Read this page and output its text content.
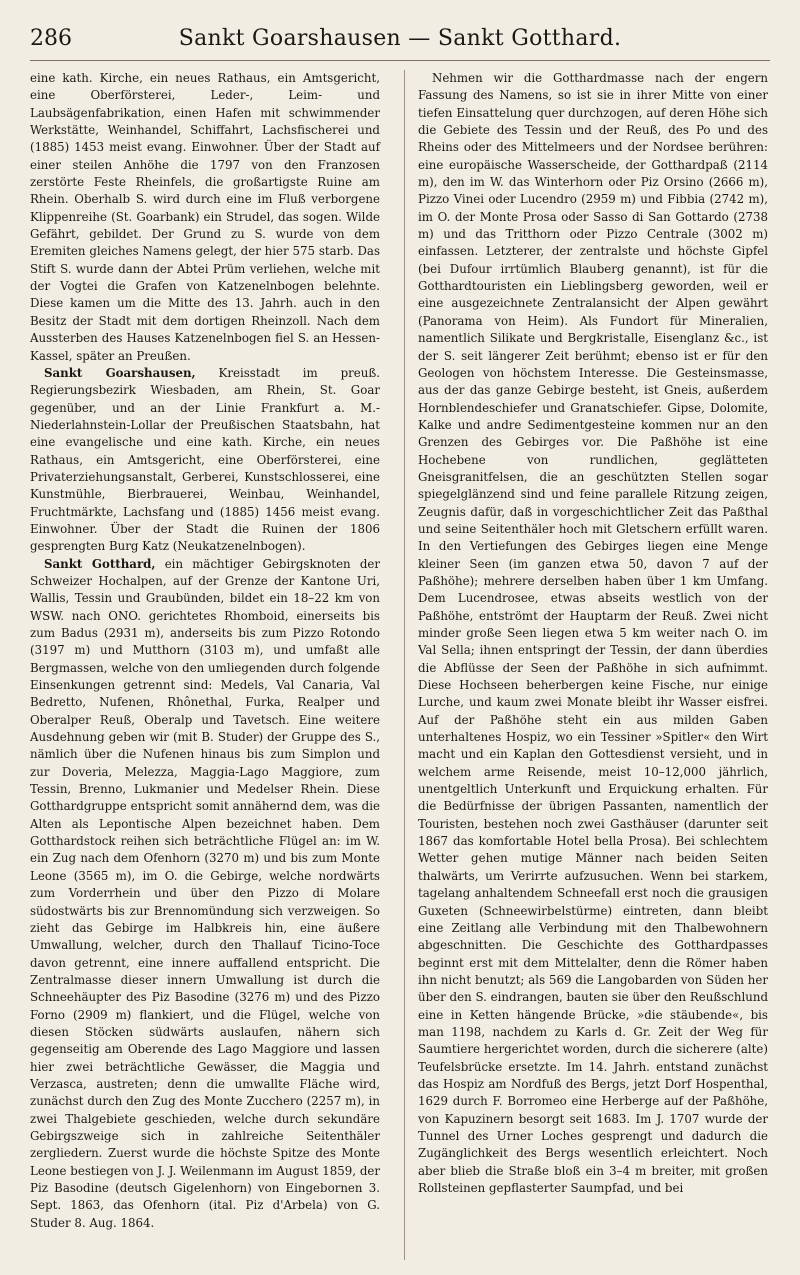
286	Sankt Goarshausen — Sankt Gotthard.

eine kath. Kirche, ein neues Rathaus, ein Amtsgericht, eine Oberförsterei, Leder-, Leim- und Laubsägenfabrikation, einen Hafen mit schwimmender Werkstätte, Weinhandel, Schiffahrt, Lachsfischerei und (1885) 1453 meist evang. Einwohner. Über der Stadt auf einer steilen Anhöhe die 1797 von den Franzosen zerstörte Feste Rheinfels, die großartigste Ruine am Rhein. Oberhalb S. wird durch eine im Fluß verborgene Klippenreihe (St. Goarbank) ein Strudel, das sogen. Wilde Gefährt, gebildet. Der Grund zu S. wurde von dem Eremiten gleiches Namens gelegt, der hier 575 starb. Das Stift S. wurde dann der Abtei Prüm verliehen, welche mit der Vogtei die Grafen von Katzenelnbogen belehnte. Diese kamen um die Mitte des 13. Jahrh. auch in den Besitz der Stadt mit dem dortigen Rheinzoll. Nach dem Aussterben des Hauses Katzenelnbogen fiel S. an Hessen-Kassel, später an Preußen.

Sankt Goarshausen, Kreisstadt im preuß. Regierungsbezirk Wiesbaden, am Rhein, St. Goar gegenüber, und an der Linie Frankfurt a. M.-Niederlahnstein-Lollar der Preußischen Staatsbahn, hat eine evangelische und eine kath. Kirche, ein neues Rathaus, ein Amtsgericht, eine Oberförsterei, eine Privaterziehungsanstalt, Gerberei, Kunstschlosserei, eine Kunstmühle, Bierbrauerei, Weinbau, Weinhandel, Fruchtmärkte, Lachsfang und (1885) 1456 meist evang. Einwohner. Über der Stadt die Ruinen der 1806 gesprengten Burg Katz (Neukatzenelnbogen).

Sankt Gotthard, ein mächtiger Gebirgsknoten der Schweizer Hochalpen, auf der Grenze der Kantone Uri, Wallis, Tessin und Graubünden, bildet ein 18–22 km von WSW. nach ONO. gerichtetes Rhomboid, einerseits bis zum Badus (2931 m), anderseits bis zum Pizzo Rotondo (3197 m) und Mutthorn (3103 m), und umfaßt alle Bergmassen, welche von den umliegenden durch folgende Einsenkungen getrennt sind: Medels, Val Canaria, Val Bedretto, Nufenen, Rhônethal, Furka, Realper und Oberalper Reuß, Oberalp und Tavetsch. Eine weitere Ausdehnung geben wir (mit B. Studer) der Gruppe des S., nämlich über die Nufenen hinaus bis zum Simplon und zur Doveria, Melezza, Maggia-Lago Maggiore, zum Tessin, Brenno, Lukmanier und Medelser Rhein. Diese Gotthardgruppe entspricht somit annähernd dem, was die Alten als Lepontische Alpen bezeichnet haben. Dem Gotthardstock reihen sich beträchtliche Flügel an: im W. ein Zug nach dem Ofenhorn (3270 m) und bis zum Monte Leone (3565 m), im O. die Gebirge, welche nordwärts zum Vorderrhein und über den Pizzo di Molare südostwärts bis zur Brennomündung sich verzweigen. So zieht das Gebirge im Halbkreis hin, eine äußere Umwallung, welcher, durch den Thallauf Ticino-Toce davon getrennt, eine innere auffallend entspricht. Die Zentralmasse dieser innern Umwallung ist durch die Schneehäupter des Piz Basodine (3276 m) und des Pizzo Forno (2909 m) flankiert, und die Flügel, welche von diesen Stöcken südwärts auslaufen, nähern sich gegenseitig am Oberende des Lago Maggiore und lassen hier zwei beträchtliche Gewässer, die Maggia und Verzasca, austreten; denn die umwallte Fläche wird, zunächst durch den Zug des Monte Zucchero (2257 m), in zwei Thalgebiete geschieden, welche durch sekundäre Gebirgszweige sich in zahlreiche Seitenthäler zergliedern. Zuerst wurde die höchste Spitze des Monte Leone bestiegen von J. J. Weilenmann im August 1859, der Piz Basodine (deutsch Gigelenhorn) von Eingebornen 3. Sept. 1863, das Ofenhorn (ital. Piz d'Arbela) von G. Studer 8. Aug. 1864.

Nehmen wir die Gotthardmasse nach der engern Fassung des Namens, so ist sie in ihrer Mitte von einer tiefen Einsattelung quer durchzogen, auf deren Höhe sich die Gebiete des Tessin und der Reuß, des Po und des Rheins oder des Mittelmeers und der Nordsee berühren: eine europäische Wasserscheide, der Gotthardpaß (2114 m), den im W. das Winterhorn oder Piz Orsino (2666 m), Pizzo Vinei oder Lucendro (2959 m) und Fibbia (2742 m), im O. der Monte Prosa oder Sasso di San Gottardo (2738 m) und das Tritthorn oder Pizzo Centrale (3002 m) einfassen. Letzterer, der zentralste und höchste Gipfel (bei Dufour irrtümlich Blauberg genannt), ist für die Gotthardtouristen ein Lieblingsberg geworden, weil er eine ausgezeichnete Zentralansicht der Alpen gewährt (Panorama von Heim). Als Fundort für Mineralien, namentlich Silikate und Bergkristalle, Eisenglanz &c., ist der S. seit längerer Zeit berühmt; ebenso ist er für den Geologen von höchstem Interesse. Die Gesteinsmasse, aus der das ganze Gebirge besteht, ist Gneis, außerdem Hornblendeschiefer und Granatschiefer. Gipse, Dolomite, Kalke und andre Sedimentgesteine kommen nur an den Grenzen des Gebirges vor. Die Paßhöhe ist eine Hochebene von rundlichen, geglätteten Gneisgranitfelsen, die an geschützten Stellen sogar spiegelglänzend sind und feine parallele Ritzung zeigen, Zeugnis dafür, daß in vorgeschichtlicher Zeit das Paßthal und seine Seitenthäler hoch mit Gletschern erfüllt waren. In den Vertiefungen des Gebirges liegen eine Menge kleiner Seen (im ganzen etwa 50, davon 7 auf der Paßhöhe); mehrere derselben haben über 1 km Umfang. Dem Lucendrosee, etwas abseits westlich von der Paßhöhe, entströmt der Hauptarm der Reuß. Zwei nicht minder große Seen liegen etwa 5 km weiter nach O. im Val Sella; ihnen entspringt der Tessin, der dann überdies die Abflüsse der Seen der Paßhöhe in sich aufnimmt. Diese Hochseen beherbergen keine Fische, nur einige Lurche, und kaum zwei Monate bleibt ihr Wasser eisfrei. Auf der Paßhöhe steht ein aus milden Gaben unterhaltenes Hospiz, wo ein Tessiner »Spitler« den Wirt macht und ein Kaplan den Gottesdienst versieht, und in welchem arme Reisende, meist 10–12,000 jährlich, unentgeltlich Unterkunft und Erquickung erhalten. Für die Bedürfnisse der übrigen Passanten, namentlich der Touristen, bestehen noch zwei Gasthäuser (darunter seit 1867 das komfortable Hotel bella Prosa). Bei schlechtem Wetter gehen mutige Männer nach beiden Seiten thalwärts, um Verirrte aufzusuchen. Wenn bei starkem, tagelang anhaltendem Schneefall erst noch die grausigen Guxeten (Schneewirbelstürme) eintreten, dann bleibt eine Zeitlang alle Verbindung mit den Thalbewohnern abgeschnitten. Die Geschichte des Gotthardpasses beginnt erst mit dem Mittelalter, denn die Römer haben ihn nicht benutzt; als 569 die Langobarden von Süden her über den S. eindrangen, bauten sie über den Reußschlund eine in Ketten hängende Brücke, »die stäubende«, bis man 1198, nachdem zu Karls d. Gr. Zeit der Weg für Saumtiere hergerichtet worden, durch die sicherere (alte) Teufelsbrücke ersetzte. Im 14. Jahrh. entstand zunächst das Hospiz am Nordfuß des Bergs, jetzt Dorf Hospenthal, 1629 durch F. Borromeo eine Herberge auf der Paßhöhe, von Kapuzinern besorgt seit 1683. Im J. 1707 wurde der Tunnel des Urner Loches gesprengt und dadurch die Zugänglichkeit des Bergs wesentlich erleichtert. Noch aber blieb die Straße bloß ein 3–4 m breiter, mit großen Rollsteinen gepflasterter Saumpfad, und bei
